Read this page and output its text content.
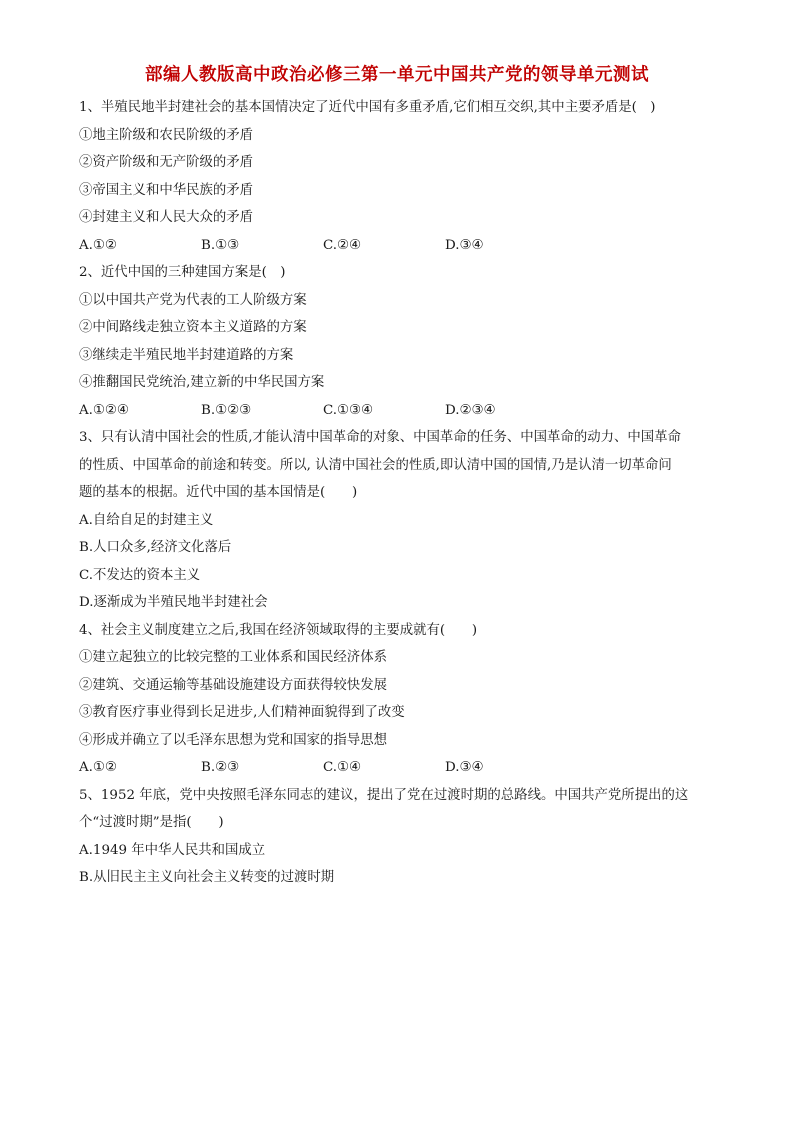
部编人教版高中政治必修三第一单元中国共产党的领导单元测试
1、半殖民地半封建社会的基本国情决定了近代中国有多重矛盾,它们相互交织,其中主要矛盾是(　)
①地主阶级和农民阶级的矛盾
②资产阶级和无产阶级的矛盾
③帝国主义和中华民族的矛盾
④封建主义和人民大众的矛盾
A.①②	B.①③	C.②④	D.③④
2、近代中国的三种建国方案是(　)
①以中国共产党为代表的工人阶级方案
②中间路线走独立资本主义道路的方案
③继续走半殖民地半封建道路的方案
④推翻国民党统治,建立新的中华民国方案
A.①②④	B.①②③	C.①③④	D.②③④
3、只有认清中国社会的性质,才能认清中国革命的对象、中国革命的任务、中国革命的动力、中国革命
的性质、中国革命的前途和转变。所以, 认清中国社会的性质,即认清中国的国情,乃是认清一切革命问
题的基本的根据。近代中国的基本国情是(　　)
A.自给自足的封建主义
B.人口众多,经济文化落后
C.不发达的资本主义
D.逐渐成为半殖民地半封建社会
4、社会主义制度建立之后,我国在经济领域取得的主要成就有(　　)
①建立起独立的比较完整的工业体系和国民经济体系
②建筑、交通运输等基础设施建设方面获得较快发展
③教育医疗事业得到长足进步,人们精神面貌得到了改变
④形成并确立了以毛泽东思想为党和国家的指导思想
A.①②	B.②③	C.①④	D.③④
5、1952 年底，党中央按照毛泽东同志的建议，提出了党在过渡时期的总路线。中国共产党所提出的这
个“过渡时期”是指(　　)
A.1949 年中华人民共和国成立
B.从旧民主主义向社会主义转变的过渡时期
